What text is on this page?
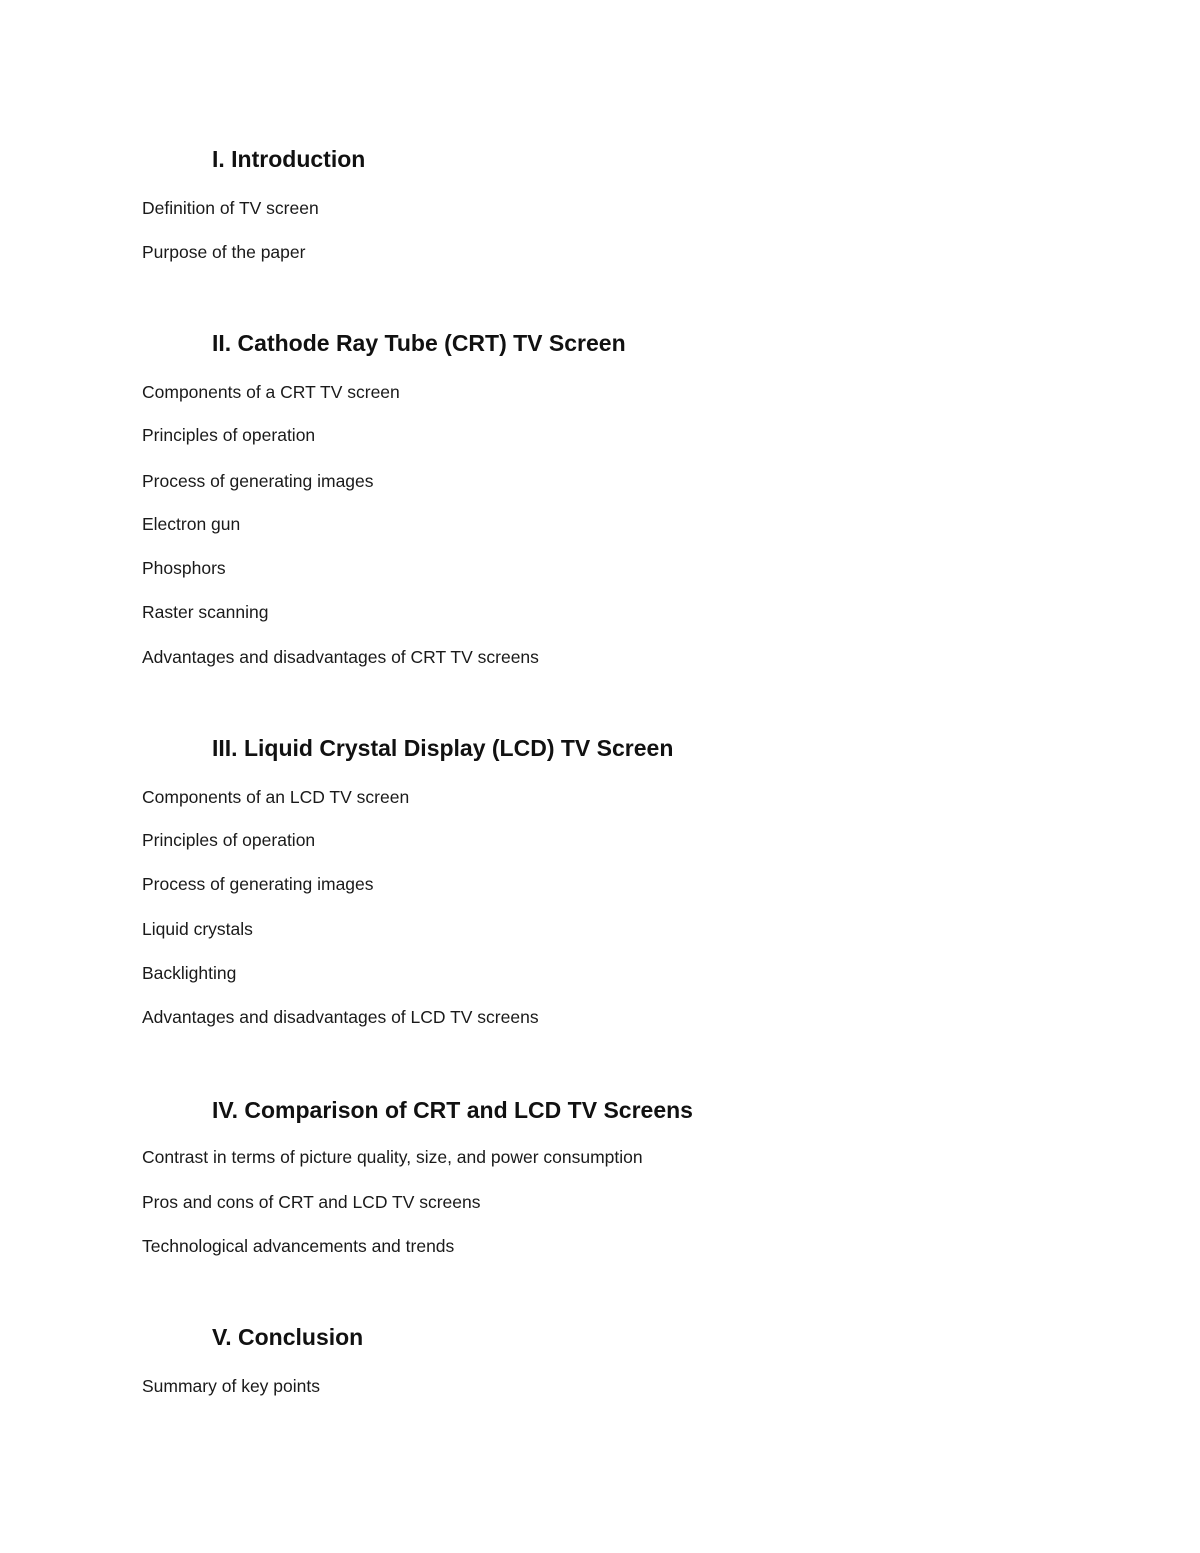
I. Introduction

Definition of TV screen

Purpose of the paper

II. Cathode Ray Tube (CRT) TV Screen

Components of a CRT TV screen

Principles of operation

Process of generating images

Electron gun

Phosphors

Raster scanning

Advantages and disadvantages of CRT TV screens

III. Liquid Crystal Display (LCD) TV Screen

Components of an LCD TV screen

Principles of operation

Process of generating images

Liquid crystals

Backlighting

Advantages and disadvantages of LCD TV screens

IV. Comparison of CRT and LCD TV Screens

Contrast in terms of picture quality, size, and power consumption

Pros and cons of CRT and LCD TV screens

Technological advancements and trends

V. Conclusion

Summary of key points
